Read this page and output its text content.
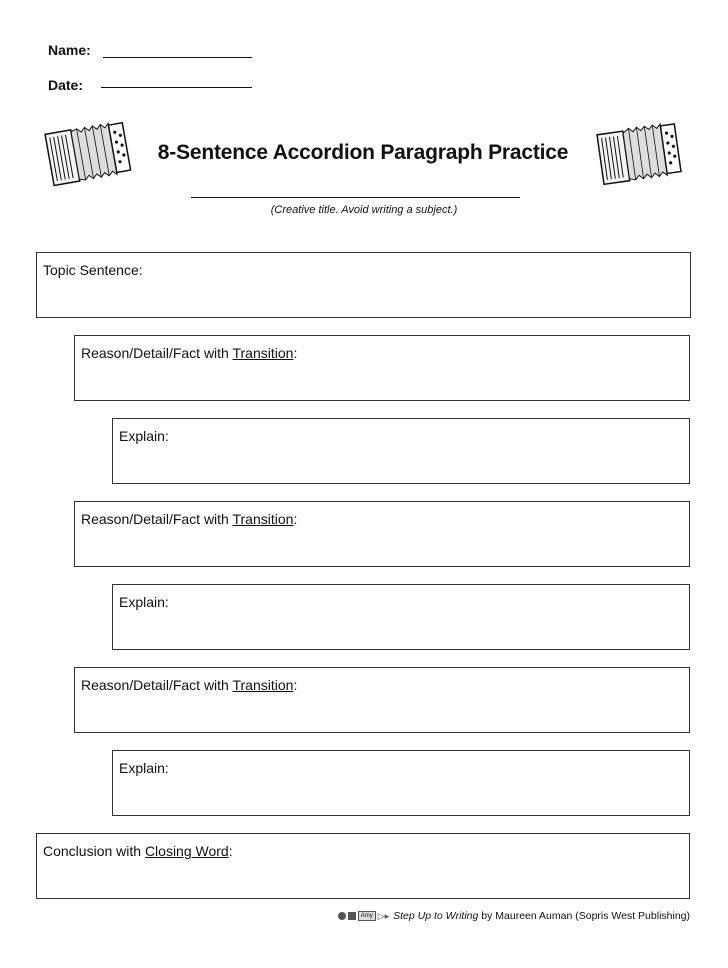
Name:
Date:
8-Sentence Accordion Paragraph Practice
(Creative title. Avoid writing a subject.)
Topic Sentence:
Reason/Detail/Fact with Transition:
Explain:
Reason/Detail/Fact with Transition:
Explain:
Reason/Detail/Fact with Transition:
Explain:
Conclusion with Closing Word:
Amy ▷▸ Step Up to Writing by Maureen Auman (Sopris West Publishing)
